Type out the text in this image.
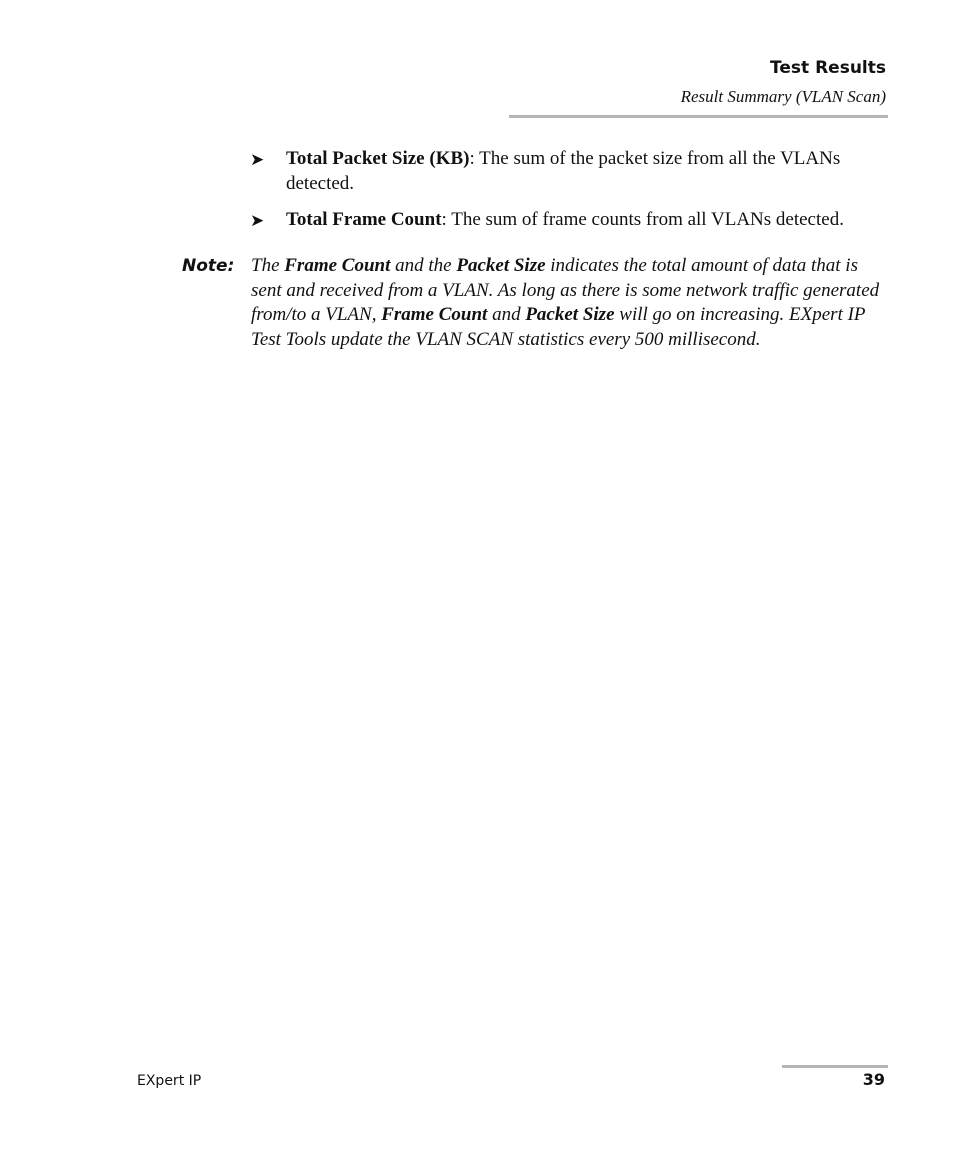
Test Results
Result Summary (VLAN Scan)
➤ Total Packet Size (KB): The sum of the packet size from all the VLANs detected.
➤ Total Frame Count: The sum of frame counts from all VLANs detected.
Note: The Frame Count and the Packet Size indicates the total amount of data that is sent and received from a VLAN. As long as there is some network traffic generated from/to a VLAN, Frame Count and Packet Size will go on increasing. EXpert IP Test Tools update the VLAN SCAN statistics every 500 millisecond.
EXpert IP	39
